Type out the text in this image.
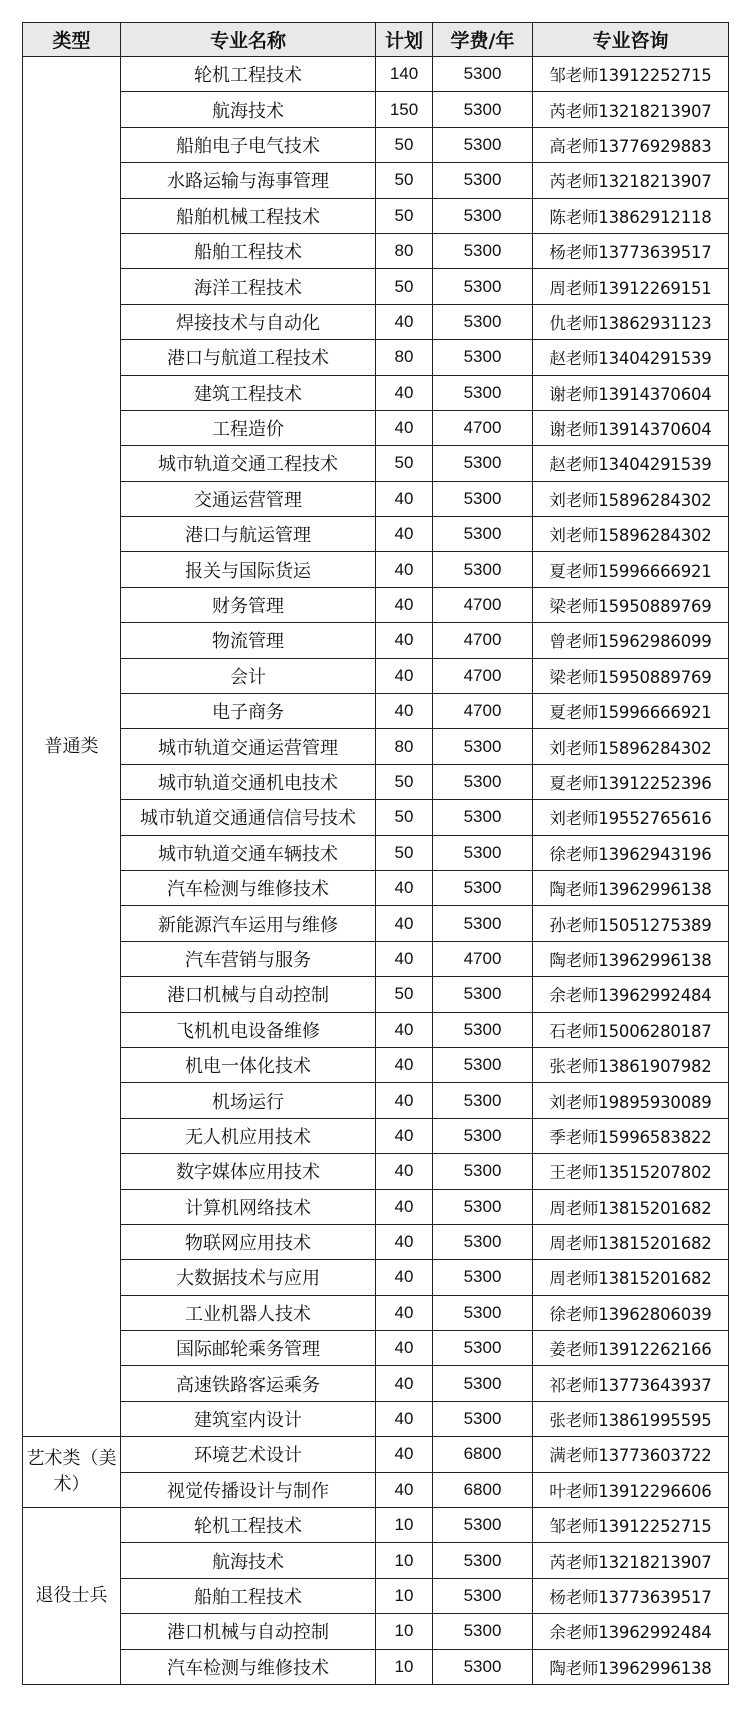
类型	专业名称	计划	学费/年	专业咨询
普通类	轮机工程技术	140	5300	邹老师13912252715
	航海技术	150	5300	芮老师13218213907
	船舶电子电气技术	50	5300	高老师13776929883
	水路运输与海事管理	50	5300	芮老师13218213907
	船舶机械工程技术	50	5300	陈老师13862912118
	船舶工程技术	80	5300	杨老师13773639517
	海洋工程技术	50	5300	周老师13912269151
	焊接技术与自动化	40	5300	仇老师13862931123
	港口与航道工程技术	80	5300	赵老师13404291539
	建筑工程技术	40	5300	谢老师13914370604
	工程造价	40	4700	谢老师13914370604
	城市轨道交通工程技术	50	5300	赵老师13404291539
	交通运营管理	40	5300	刘老师15896284302
	港口与航运管理	40	5300	刘老师15896284302
	报关与国际货运	40	5300	夏老师15996666921
	财务管理	40	4700	梁老师15950889769
	物流管理	40	4700	曾老师15962986099
	会计	40	4700	梁老师15950889769
	电子商务	40	4700	夏老师15996666921
	城市轨道交通运营管理	80	5300	刘老师15896284302
	城市轨道交通机电技术	50	5300	夏老师13912252396
	城市轨道交通通信信号技术	50	5300	刘老师19552765616
	城市轨道交通车辆技术	50	5300	徐老师13962943196
	汽车检测与维修技术	40	5300	陶老师13962996138
	新能源汽车运用与维修	40	5300	孙老师15051275389
	汽车营销与服务	40	4700	陶老师13962996138
	港口机械与自动控制	50	5300	余老师13962992484
	飞机机电设备维修	40	5300	石老师15006280187
	机电一体化技术	40	5300	张老师13861907982
	机场运行	40	5300	刘老师19895930089
	无人机应用技术	40	5300	季老师15996583822
	数字媒体应用技术	40	5300	王老师13515207802
	计算机网络技术	40	5300	周老师13815201682
	物联网应用技术	40	5300	周老师13815201682
	大数据技术与应用	40	5300	周老师13815201682
	工业机器人技术	40	5300	徐老师13962806039
	国际邮轮乘务管理	40	5300	姜老师13912262166
	高速铁路客运乘务	40	5300	祁老师13773643937
	建筑室内设计	40	5300	张老师13861995595
艺术类（美术）	环境艺术设计	40	6800	满老师13773603722
	视觉传播设计与制作	40	6800	叶老师13912296606
退役士兵	轮机工程技术	10	5300	邹老师13912252715
	航海技术	10	5300	芮老师13218213907
	船舶工程技术	10	5300	杨老师13773639517
	港口机械与自动控制	10	5300	余老师13962992484
	汽车检测与维修技术	10	5300	陶老师13962996138
